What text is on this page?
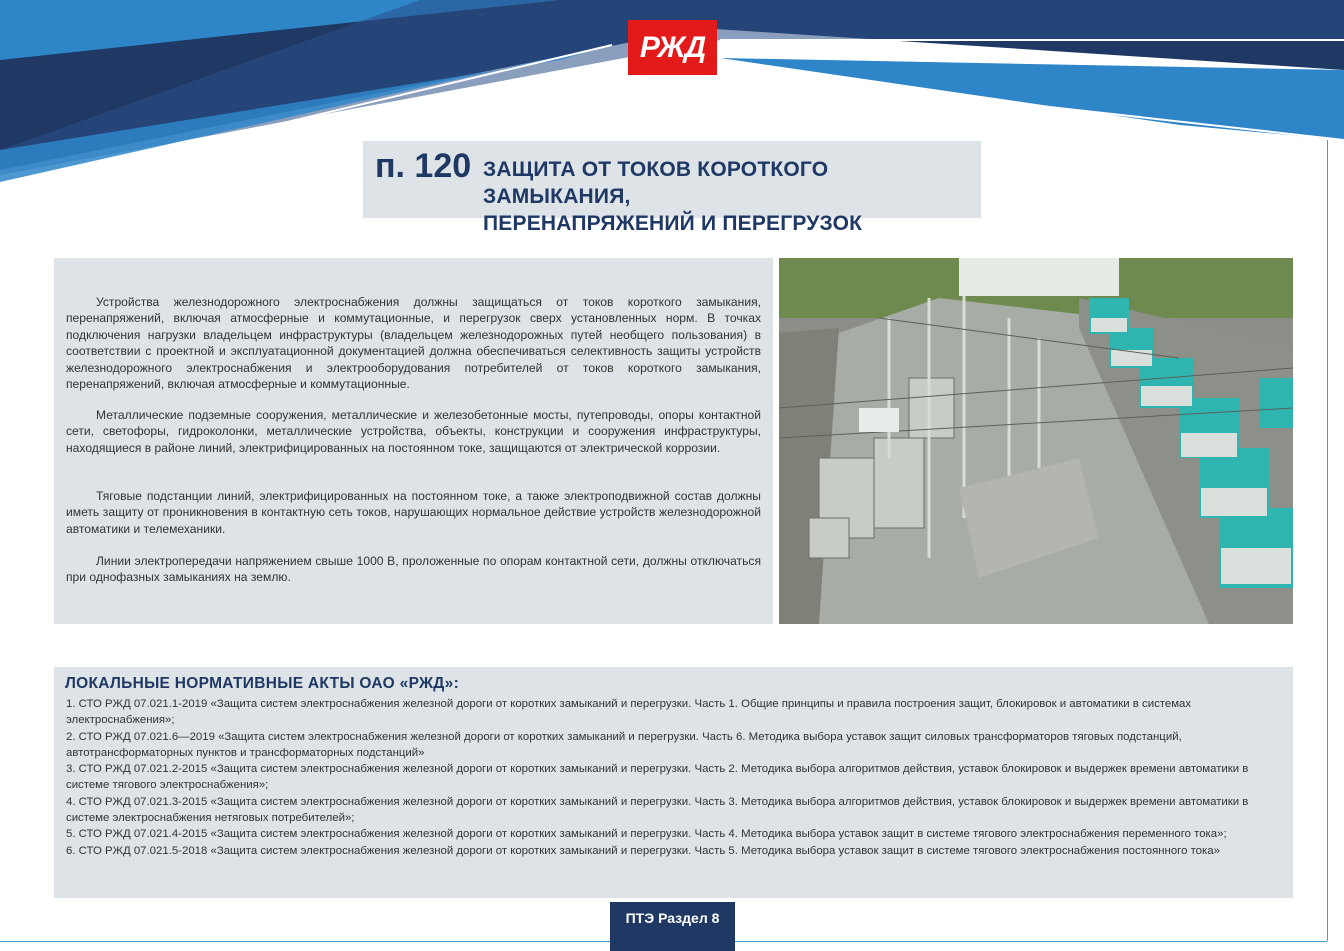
РЖД
п. 120 ЗАЩИТА ОТ ТОКОВ КОРОТКОГО ЗАМЫКАНИЯ,
ПЕРЕНАПРЯЖЕНИЙ И ПЕРЕГРУЗОК

Устройства железнодорожного электроснабжения должны защищаться от токов короткого замыкания, перенапряжений, включая атмосферные и коммутационные, и перегрузок сверх установленных норм. В точках подключения нагрузки владельцем инфраструктуры (владельцем железнодорожных путей необщего пользования) в соответствии с проектной и эксплуатационной документацией должна обеспечиваться селективность защиты устройств железнодорожного электроснабжения и электрооборудования потребителей от токов короткого замыкания, перенапряжений, включая атмосферные и коммутационные.

Металлические подземные сооружения, металлические и железобетонные мосты, путепроводы, опоры контактной сети, светофоры, гидроколонки, металлические устройства, объекты, конструкции и сооружения инфраструктуры, находящиеся в районе линий, электрифицированных на постоянном токе, защищаются от электрической коррозии.

Тяговые подстанции линий, электрифицированных на постоянном токе, а также электроподвижной состав должны иметь защиту от проникновения в контактную сеть токов, нарушающих нормальное действие устройств железнодорожной автоматики и телемеханики.

Линии электропередачи напряжением свыше 1000 В, проложенные по опорам контактной сети, должны отключаться при однофазных замыканиях на землю.

ЛОКАЛЬНЫЕ НОРМАТИВНЫЕ АКТЫ ОАО «РЖД»:
1. СТО РЖД 07.021.1-2019 «Защита систем электроснабжения железной дороги от коротких замыканий и перегрузки. Часть 1. Общие принципы и правила построения защит, блокировок и автоматики в системах электроснабжения»;
2. СТО РЖД 07.021.6—2019 «Защита систем электроснабжения железной дороги от коротких замыканий и перегрузки. Часть 6. Методика выбора уставок защит силовых трансформаторов тяговых подстанций, автотрансформаторных пунктов и трансформаторных подстанций»
3. СТО РЖД 07.021.2-2015 «Защита систем электроснабжения железной дороги от коротких замыканий и перегрузки. Часть 2. Методика выбора алгоритмов действия, уставок блокировок и выдержек времени автоматики в системе тягового электроснабжения»;
4. СТО РЖД 07.021.3-2015 «Защита систем электроснабжения железной дороги от коротких замыканий и перегрузки. Часть 3. Методика выбора алгоритмов действия, уставок блокировок и выдержек времени автоматики в системе электроснабжения нетяговых потребителей»;
5. СТО РЖД 07.021.4-2015 «Защита систем электроснабжения железной дороги от коротких замыканий и перегрузки. Часть 4. Методика выбора уставок защит в системе тягового электроснабжения переменного тока»;
6. СТО РЖД 07.021.5-2018 «Защита систем электроснабжения железной дороги от коротких замыканий и перегрузки. Часть 5. Методика выбора уставок защит в системе тягового электроснабжения постоянного тока»
ПТЭ Раздел 8
